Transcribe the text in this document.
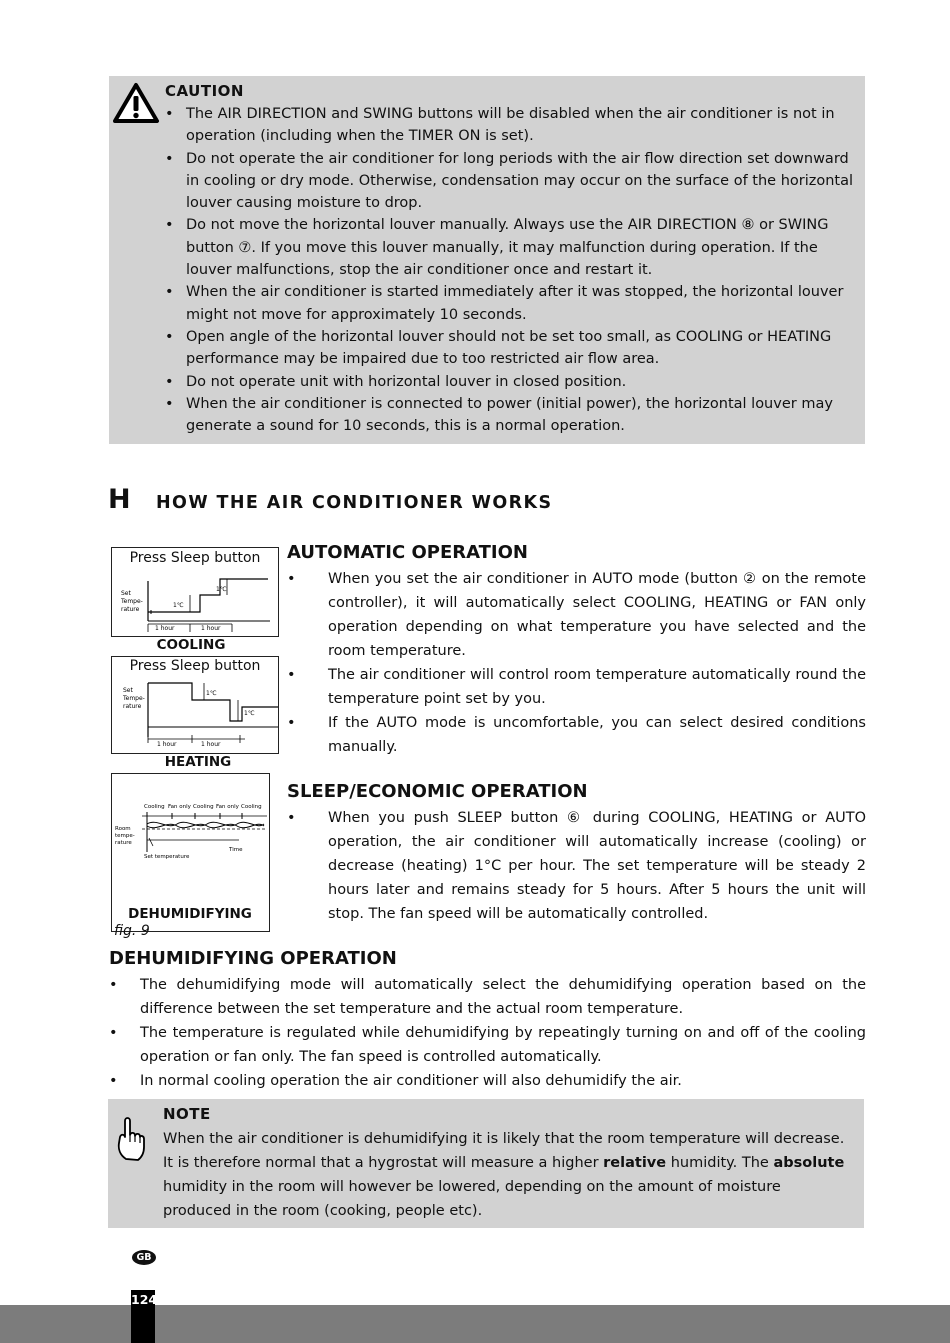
CAUTION
• The AIR DIRECTION and SWING buttons will be disabled when the air conditioner is not in operation (including when the TIMER ON is set).
• Do not operate the air conditioner for long periods with the air flow direction set downward in cooling or dry mode. Otherwise, condensation may occur on the surface of the horizontal louver causing moisture to drop.
• Do not move the horizontal louver manually. Always use the AIR DIRECTION ⑧ or SWING button ⑦. If you move this louver manually, it may malfunction during operation. If the louver malfunctions, stop the air conditioner once and restart it.
• When the air conditioner is started immediately after it was stopped, the horizontal louver might not move for approximately 10 seconds.
• Open angle of the horizontal louver should not be set too small, as COOLING or HEATING performance may be impaired due to too restricted air flow area.
• Do not operate unit with horizontal louver in closed position.
• When the air conditioner is connected to power (initial power), the horizontal louver may generate a sound for 10 seconds, this is a normal operation.
H HOW THE AIR CONDITIONER WORKS
Press Sleep button
Set
Tempe-
rature
1℃
1℃
1 hour	1 hour
COOLING
Press Sleep button
Set
Tempe-
rature
1℃
1℃
1 hour	1 hour
HEATING
Cooling Fan only Cooling Fan only Cooling
Room
tempe-
rature
Time
Set temperature
DEHUMIDIFYING
fig. 9
AUTOMATIC OPERATION
• When you set the air conditioner in AUTO mode (button ② on the remote controller), it will automatically select COOLING, HEATING or FAN only operation depending on what temperature you have selected and the room temperature.
• The air conditioner will control room temperature automatically round the temperature point set by you.
• If the AUTO mode is uncomfortable, you can select desired conditions manually.
SLEEP/ECONOMIC OPERATION
• When you push SLEEP button ⑥ during COOLING, HEATING or AUTO operation, the air conditioner will automatically increase (cooling) or decrease (heating) 1°C per hour. The set temperature will be steady 2 hours later and remains steady for 5 hours. After 5 hours the unit will stop. The fan speed will be automatically controlled.
DEHUMIDIFYING OPERATION
• The dehumidifying mode will automatically select the dehumidifying operation based on the difference between the set temperature and the actual room temperature.
• The temperature is regulated while dehumidifying by repeatingly turning on and off of the cooling operation or fan only. The fan speed is controlled automatically.
• In normal cooling operation the air conditioner will also dehumidify the air.
NOTE
When the air conditioner is dehumidifying it is likely that the room temperature will decrease. It is therefore normal that a hygrostat will measure a higher relative humidity. The absolute humidity in the room will however be lowered, depending on the amount of moisture produced in the room (cooking, people etc).
GB
124
